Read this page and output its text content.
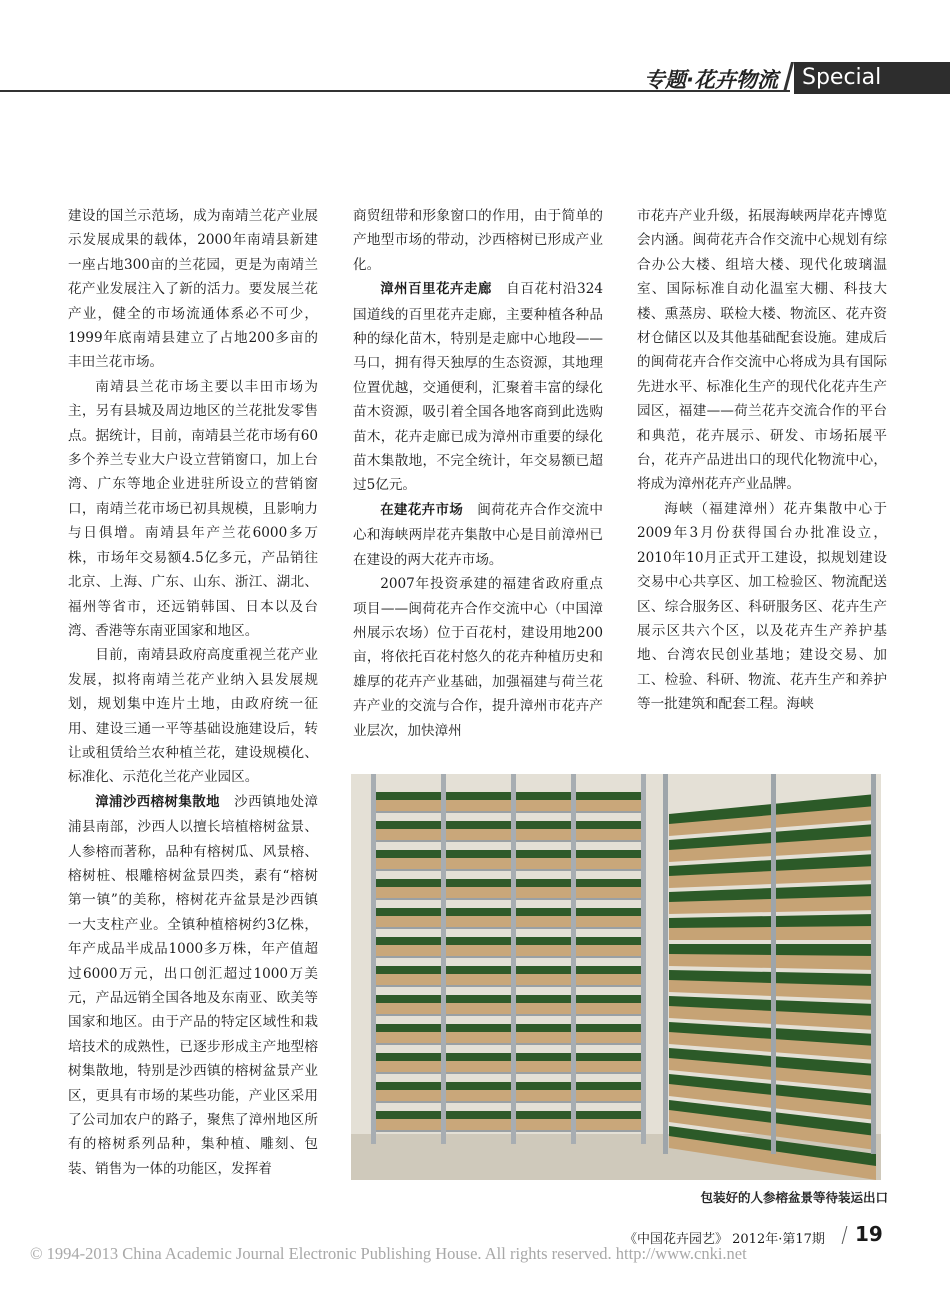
专题·花卉物流	Special

建设的国兰示范场，成为南靖兰花产业展示发展成果的载体，2000年南靖县新建一座占地300亩的兰花园，更是为南靖兰花产业发展注入了新的活力。要发展兰花产业，健全的市场流通体系必不可少，1999年底南靖县建立了占地200多亩的丰田兰花市场。

南靖县兰花市场主要以丰田市场为主，另有县城及周边地区的兰花批发零售点。据统计，目前，南靖县兰花市场有60多个养兰专业大户设立营销窗口，加上台湾、广东等地企业进驻所设立的营销窗口，南靖兰花市场已初具规模，且影响力与日俱增。南靖县年产兰花6000多万株，市场年交易额4.5亿多元，产品销往北京、上海、广东、山东、浙江、湖北、福州等省市，还远销韩国、日本以及台湾、香港等东南亚国家和地区。

目前，南靖县政府高度重视兰花产业发展，拟将南靖兰花产业纳入县发展规划，规划集中连片土地，由政府统一征用、建设三通一平等基础设施建设后，转让或租赁给兰农种植兰花，建设规模化、标准化、示范化兰花产业园区。

漳浦沙西榕树集散地　 沙西镇地处漳浦县南部，沙西人以擅长培植榕树盆景、人参榕而著称，品种有榕树瓜、风景榕、榕树桩、根雕榕树盆景四类，素有“榕树第一镇”的美称，榕树花卉盆景是沙西镇一大支柱产业。全镇种植榕树约3亿株，年产成品半成品1000多万株，年产值超过6000万元，出口创汇超过1000万美元，产品远销全国各地及东南亚、欧美等国家和地区。由于产品的特定区域性和栽培技术的成熟性，已逐步形成主产地型榕树集散地，特别是沙西镇的榕树盆景产业区，更具有市场的某些功能，产业区采用了公司加农户的路子，聚焦了漳州地区所有的榕树系列品种，集种植、雕刻、包装、销售为一体的功能区，发挥着

商贸纽带和形象窗口的作用，由于简单的产地型市场的带动，沙西榕树已形成产业化。

漳州百里花卉走廊　 自百花村沿324国道线的百里花卉走廊，主要种植各种品种的绿化苗木，特别是走廊中心地段——马口，拥有得天独厚的生态资源，其地理位置优越，交通便利，汇聚着丰富的绿化苗木资源，吸引着全国各地客商到此选购苗木，花卉走廊已成为漳州市重要的绿化苗木集散地，不完全统计，年交易额已超过5亿元。

在建花卉市场　 闽荷花卉合作交流中心和海峡两岸花卉集散中心是目前漳州已在建设的两大花卉市场。

2007年投资承建的福建省政府重点项目——闽荷花卉合作交流中心（中国漳州展示农场）位于百花村，建设用地200亩，将依托百花村悠久的花卉种植历史和雄厚的花卉产业基础，加强福建与荷兰花卉产业的交流与合作，提升漳州市花卉产业层次，加快漳州

市花卉产业升级，拓展海峡两岸花卉博览会内涵。闽荷花卉合作交流中心规划有综合办公大楼、组培大楼、现代化玻璃温室、国际标准自动化温室大棚、科技大楼、熏蒸房、联检大楼、物流区、花卉资材仓储区以及其他基础配套设施。建成后的闽荷花卉合作交流中心将成为具有国际先进水平、标准化生产的现代化花卉生产园区，福建——荷兰花卉交流合作的平台和典范，花卉展示、研发、市场拓展平台，花卉产品进出口的现代化物流中心，将成为漳州花卉产业品牌。

海峡（福建漳州）花卉集散中心于2009年3月份获得国台办批准设立，2010年10月正式开工建设，拟规划建设交易中心共享区、加工检验区、物流配送区、综合服务区、科研服务区、花卉生产展示区共六个区，以及花卉生产养护基地、台湾农民创业基地；建设交易、加工、检验、科研、物流、花卉生产和养护等一批建筑和配套工程。海峡

包装好的人参榕盆景等待装运出口
《中国花卉园艺》 2012年·第17期 19
© 1994-2013 China Academic Journal Electronic Publishing House. All rights reserved. http://www.cnki.net
